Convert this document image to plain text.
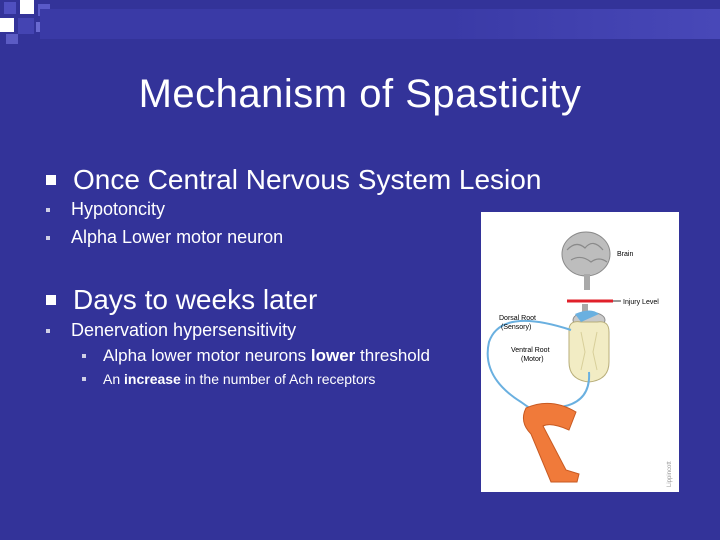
Mechanism of Spasticity
Once Central Nervous System Lesion
Hypotoncity
Alpha Lower motor neuron
Days to weeks later
Denervation hypersensitivity
Alpha lower motor neurons lower threshold
An increase in the number of Ach receptors
Brain
Injury Level
Dorsal Root
(Sensory)
Ventral Root
(Motor)
Lippincott
